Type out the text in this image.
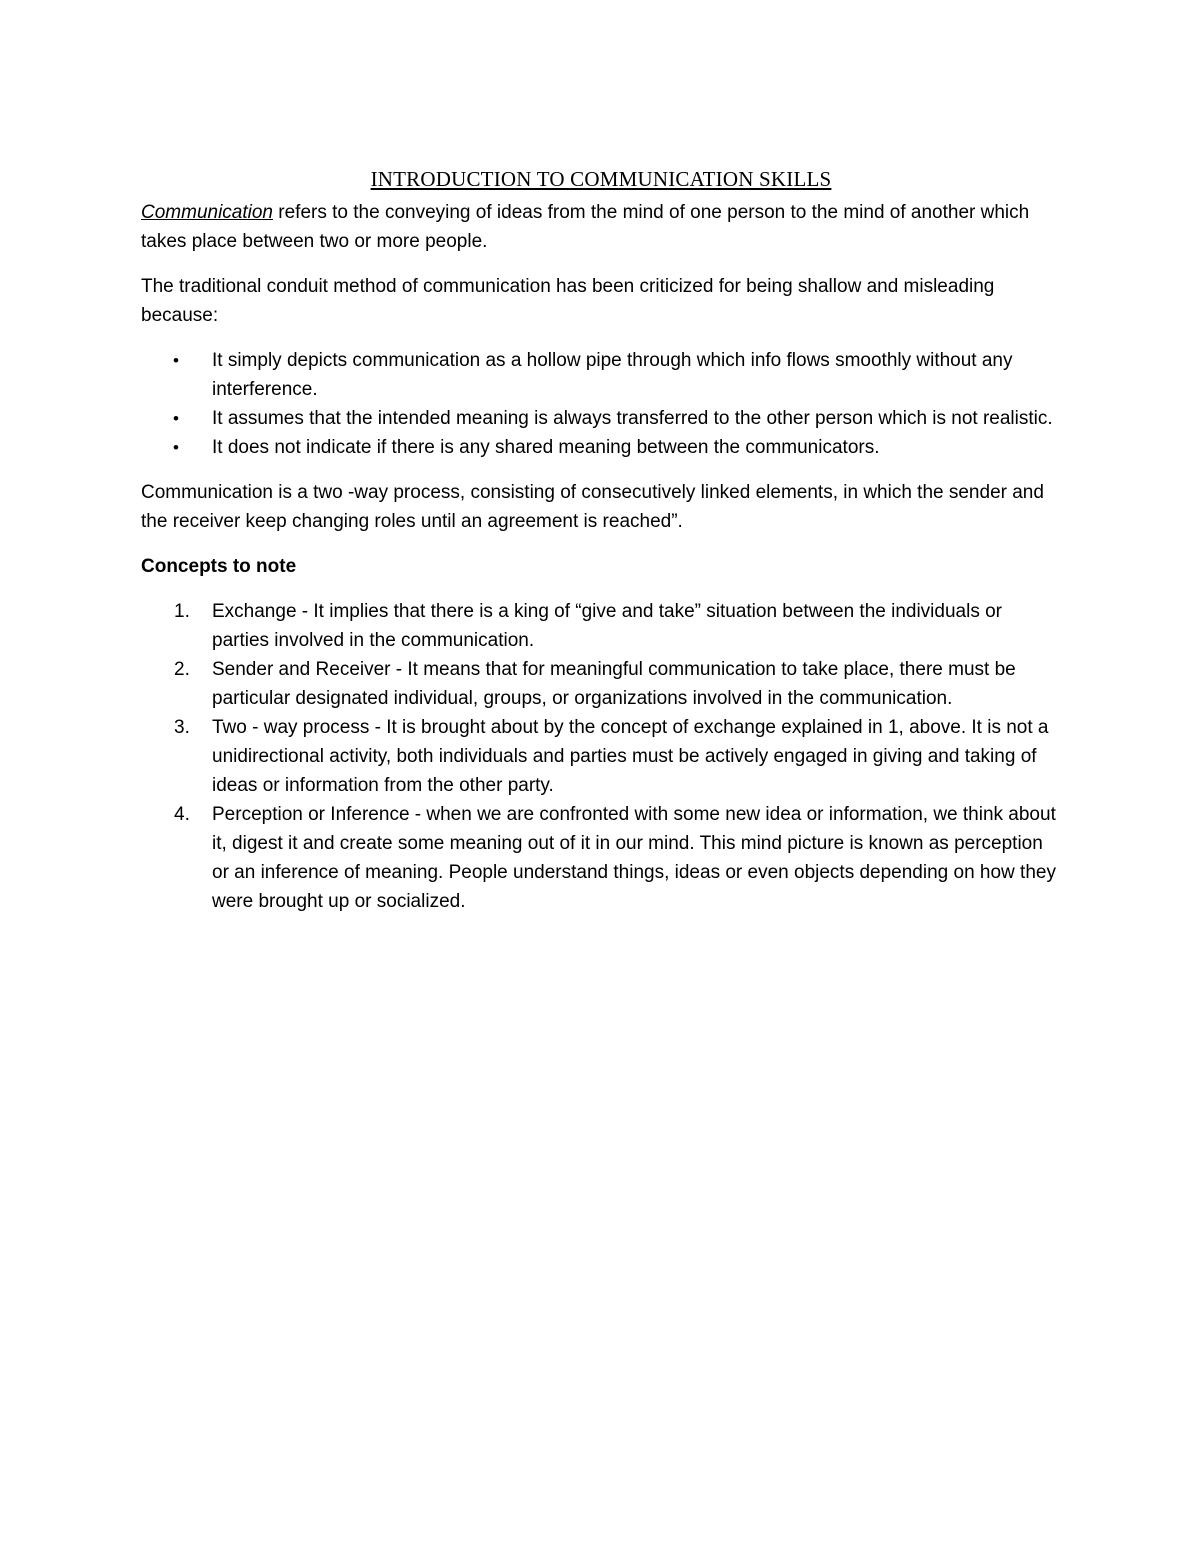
INTRODUCTION TO COMMUNICATION SKILLS

Communication refers to the conveying of ideas from the mind of one person to the mind of another which takes place between two or more people.

The traditional conduit method of communication has been criticized for being shallow and misleading because:

• It simply depicts communication as a hollow pipe through which info flows smoothly without any interference.
• It assumes that the intended meaning is always transferred to the other person which is not realistic.
• It does not indicate if there is any shared meaning between the communicators.

Communication is a two -way process, consisting of consecutively linked elements, in which the sender and the receiver keep changing roles until an agreement is reached”.

Concepts to note
1. Exchange - It implies that there is a king of “give and take” situation between the individuals or parties involved in the communication.
2. Sender and Receiver - It means that for meaningful communication to take place, there must be particular designated individual, groups, or organizations involved in the communication.
3. Two - way process - It is brought about by the concept of exchange explained in 1, above. It is not a unidirectional activity, both individuals and parties must be actively engaged in giving and taking of ideas or information from the other party.
4. Perception or Inference - when we are confronted with some new idea or information, we think about it, digest it and create some meaning out of it in our mind. This mind picture is known as perception or an inference of meaning. People understand things, ideas or even objects depending on how they were brought up or socialized.
